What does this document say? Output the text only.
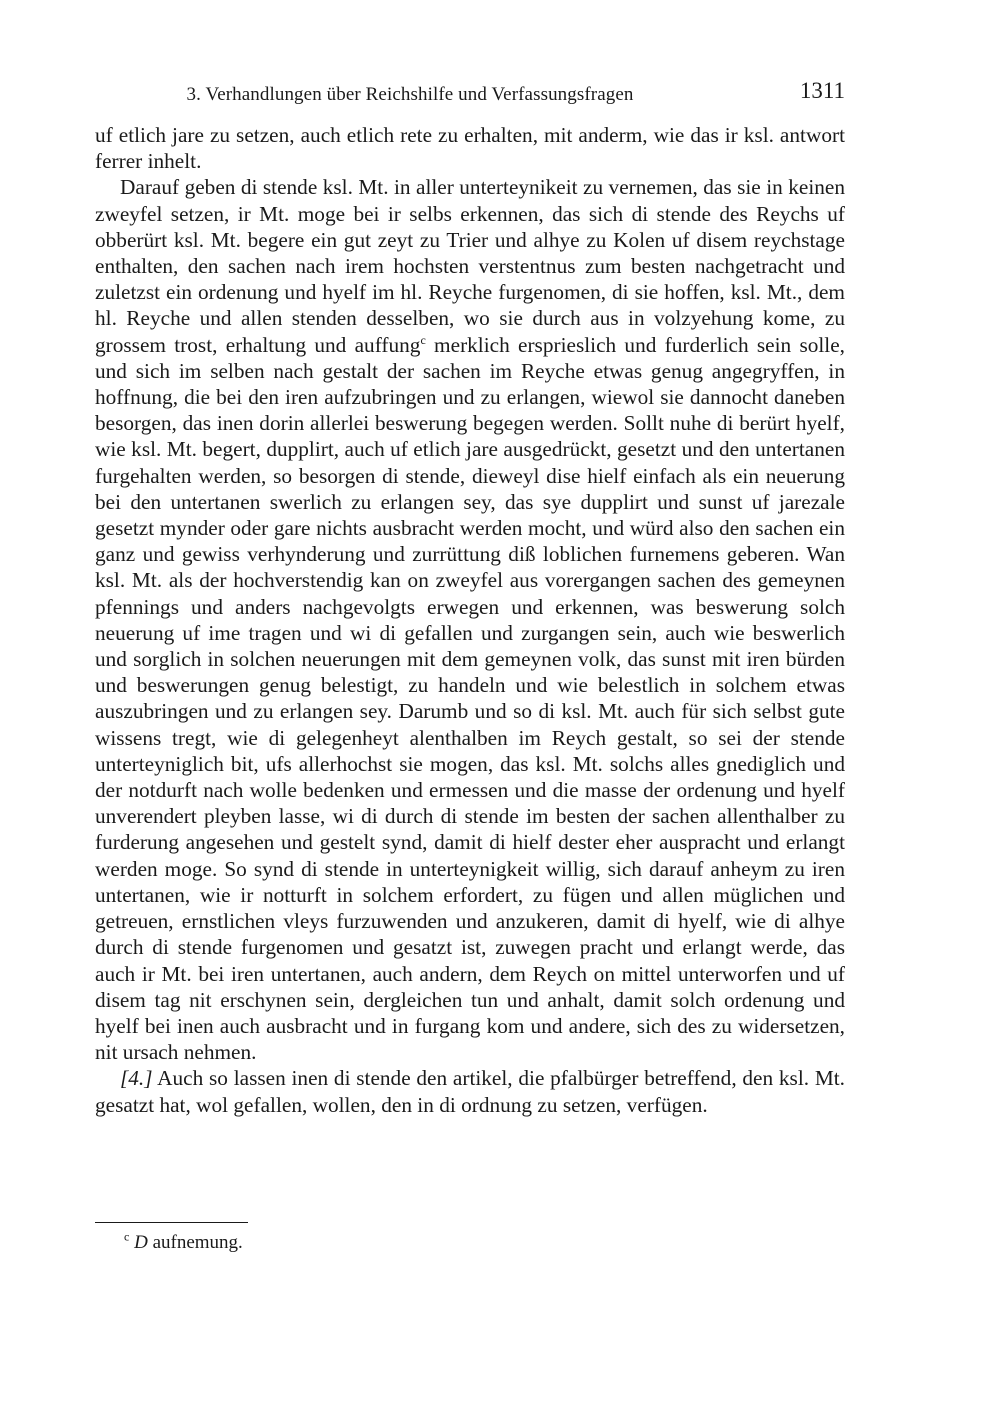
3. Verhandlungen über Reichshilfe und Verfassungsfragen	1311

uf etlich jare zu setzen, auch etlich rete zu erhalten, mit anderm, wie das ir ksl. antwort ferrer inhelt.

Darauf geben di stende ksl. Mt. in aller unterteynikeit zu vernemen, das sie in keinen zweyfel setzen, ir Mt. moge bei ir selbs erkennen, das sich di stende des Reychs uf obberürt ksl. Mt. begere ein gut zeyt zu Trier und alhye zu Kolen uf disem reychstage enthalten, den sachen nach irem hochsten verstentnus zum besten nachgetracht und zuletzst ein ordenung und hyelf im hl. Reyche furgenomen, di sie hoffen, ksl. Mt., dem hl. Reyche und allen stenden desselben, wo sie durch aus in volzyehung kome, zu grossem trost, erhaltung und auffung$^c$ merklich ersprieslich und furderlich sein solle, und sich im selben nach gestalt der sachen im Reyche etwas genug angegryffen, in hoffnung, die bei den iren aufzubringen und zu erlangen, wiewol sie dannocht daneben besorgen, das inen dorin allerlei beswerung begegen werden. Sollt nuhe di berürt hyelf, wie ksl. Mt. begert, dupplirt, auch uf etlich jare ausgedrückt, gesetzt und den untertanen furgehalten werden, so besorgen di stende, dieweyl dise hielf einfach als ein neuerung bei den untertanen swerlich zu erlangen sey, das sye dupplirt und sunst uf jarezale gesetzt mynder oder gare nichts ausbracht werden mocht, und würd also den sachen ein ganz und gewiss verhynderung und zurrüttung diß loblichen furnemens geberen. Wan ksl. Mt. als der hochverstendig kan on zweyfel aus vorergangen sachen des gemeynen pfennings und anders nachgevolgts erwegen und erkennen, was beswerung solch neuerung uf ime tragen und wi di gefallen und zurgangen sein, auch wie beswerlich und sorglich in solchen neuerungen mit dem gemeynen volk, das sunst mit iren bürden und beswerungen genug belestigt, zu handeln und wie belestlich in solchem etwas auszubringen und zu erlangen sey. Darumb und so di ksl. Mt. auch für sich selbst gute wissens tregt, wie di gelegenheyt alenthalben im Reych gestalt, so sei der stende unterteyniglich bit, ufs allerhochst sie mogen, das ksl. Mt. solchs alles gnediglich und der notdurft nach wolle bedenken und ermessen und die masse der ordenung und hyelf unverendert pleyben lasse, wi di durch di stende im besten der sachen allenthalber zu furderung angesehen und gestelt synd, damit di hielf dester eher auspracht und erlangt werden moge. So synd di stende in unterteynigkeit willig, sich darauf anheym zu iren untertanen, wie ir notturft in solchem erfordert, zu fügen und allen müglichen und getreuen, ernstlichen vleys furzuwenden und anzukeren, damit di hyelf, wie di alhye durch di stende furgenomen und gesatzt ist, zuwegen pracht und erlangt werde, das auch ir Mt. bei iren untertanen, auch andern, dem Reych on mittel unterworfen und uf disem tag nit erschynen sein, dergleichen tun und anhalt, damit solch ordenung und hyelf bei inen auch ausbracht und in furgang kom und andere, sich des zu widersetzen, nit ursach nehmen.

[4.] Auch so lassen inen di stende den artikel, die pfalbürger betreffend, den ksl. Mt. gesatzt hat, wol gefallen, wollen, den in di ordnung zu setzen, verfügen.

$^c$ D aufnemung.
